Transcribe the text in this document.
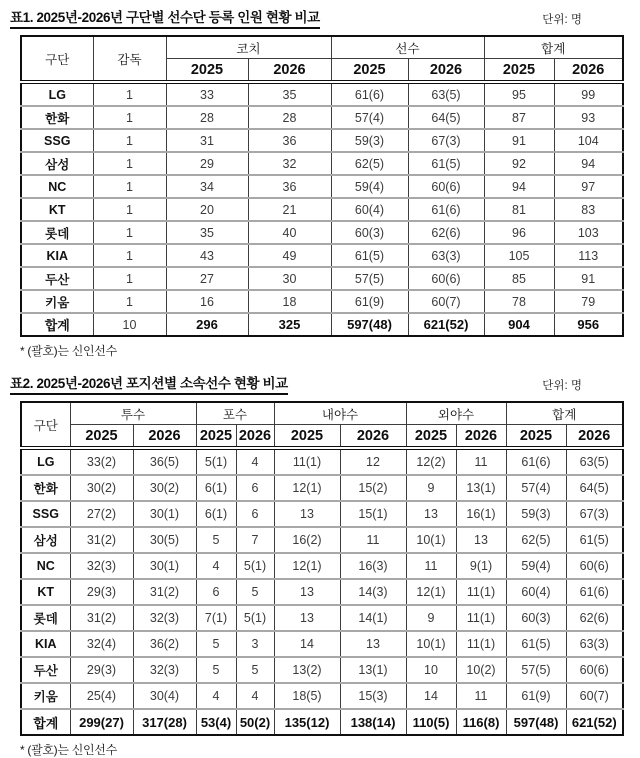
표1. 2025년-2026년 구단별 선수단 등록 인원 현황 비교	단위: 명
구단	감독	코치		선수		합계	
		2025	2026	2025	2026	2025	2026
LG	1	33	35	61(6)	63(5)	95	99
한화	1	28	28	57(4)	64(5)	87	93
SSG	1	31	36	59(3)	67(3)	91	104
삼성	1	29	32	62(5)	61(5)	92	94
NC	1	34	36	59(4)	60(6)	94	97
KT	1	20	21	60(4)	61(6)	81	83
롯데	1	35	40	60(3)	62(6)	96	103
KIA	1	43	49	61(5)	63(3)	105	113
두산	1	27	30	57(5)	60(6)	85	91
키움	1	16	18	61(9)	60(7)	78	79
합계	10	296	325	597(48)	621(52)	904	956
* (괄호)는 신인선수
표2. 2025년-2026년 포지션별 소속선수 현황 비교	단위: 명
구단	투수		포수		내야수		외야수		합계	
	2025	2026	2025	2026	2025	2026	2025	2026	2025	2026
LG	33(2)	36(5)	5(1)	4	11(1)	12	12(2)	11	61(6)	63(5)
한화	30(2)	30(2)	6(1)	6	12(1)	15(2)	9	13(1)	57(4)	64(5)
SSG	27(2)	30(1)	6(1)	6	13	15(1)	13	16(1)	59(3)	67(3)
삼성	31(2)	30(5)	5	7	16(2)	11	10(1)	13	62(5)	61(5)
NC	32(3)	30(1)	4	5(1)	12(1)	16(3)	11	9(1)	59(4)	60(6)
KT	29(3)	31(2)	6	5	13	14(3)	12(1)	11(1)	60(4)	61(6)
롯데	31(2)	32(3)	7(1)	5(1)	13	14(1)	9	11(1)	60(3)	62(6)
KIA	32(4)	36(2)	5	3	14	13	10(1)	11(1)	61(5)	63(3)
두산	29(3)	32(3)	5	5	13(2)	13(1)	10	10(2)	57(5)	60(6)
키움	25(4)	30(4)	4	4	18(5)	15(3)	14	11	61(9)	60(7)
합계	299(27)	317(28)	53(4)	50(2)	135(12)	138(14)	110(5)	116(8)	597(48)	621(52)
* (괄호)는 신인선수
